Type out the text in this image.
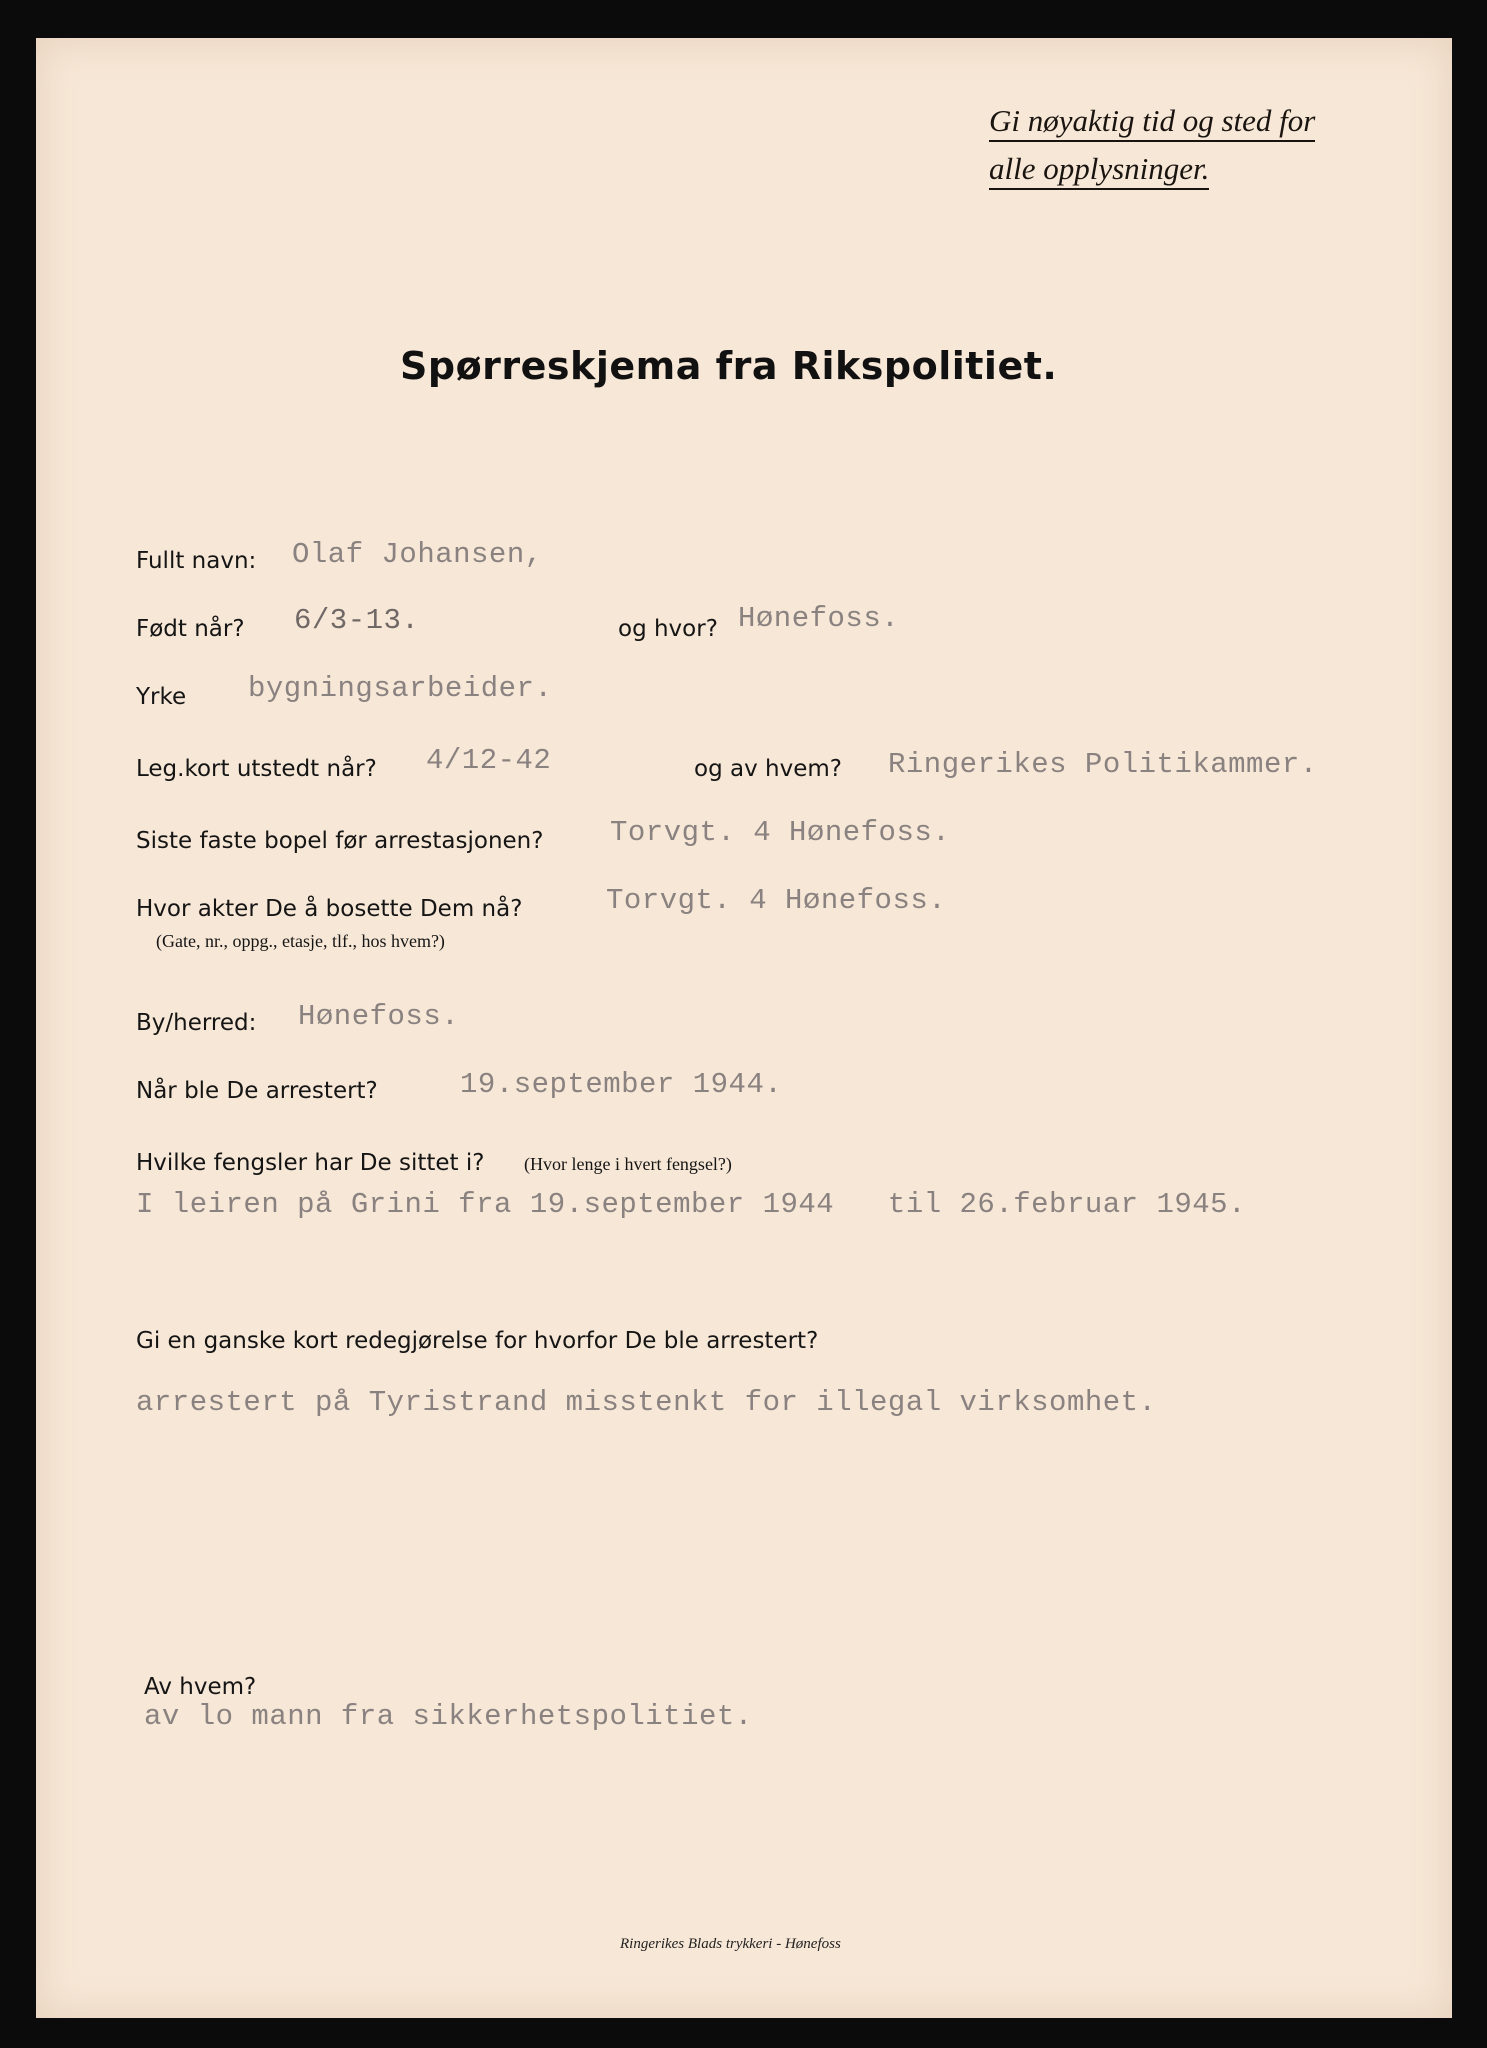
Gi nøyaktig tid og sted for
alle opplysninger.
Spørreskjema fra Rikspolitiet.
Fullt navn: Olaf Johansen,
Født når? 6/3-13.	og hvor? Hønefoss.
Yrke bygningsarbeider.
Leg.kort utstedt når? 4/12-42	og av hvem? Ringerikes Politikammer.
Siste faste bopel før arrestasjonen? Torvgt. 4 Hønefoss.
Hvor akter De å bosette Dem nå?
(Gate, nr., oppg., etasje, tlf., hos hvem?)
Torvgt. 4 Hønefoss.
By/herred: Hønefoss.
Når ble De arrestert?	19.september 1944.
Hvilke fengsler har De sittet i? (Hvor lenge i hvert fengsel?)
I leiren på Grini fra 19.september 1944   til 26.februar 1945.
Gi en ganske kort redegjørelse for hvorfor De ble arrestert?
arrestert på Tyristrand misstenkt for illegal virksomhet.
Av hvem?
av lo mann fra sikkerhetspolitiet.
Ringerikes Blads trykkeri - Hønefoss
